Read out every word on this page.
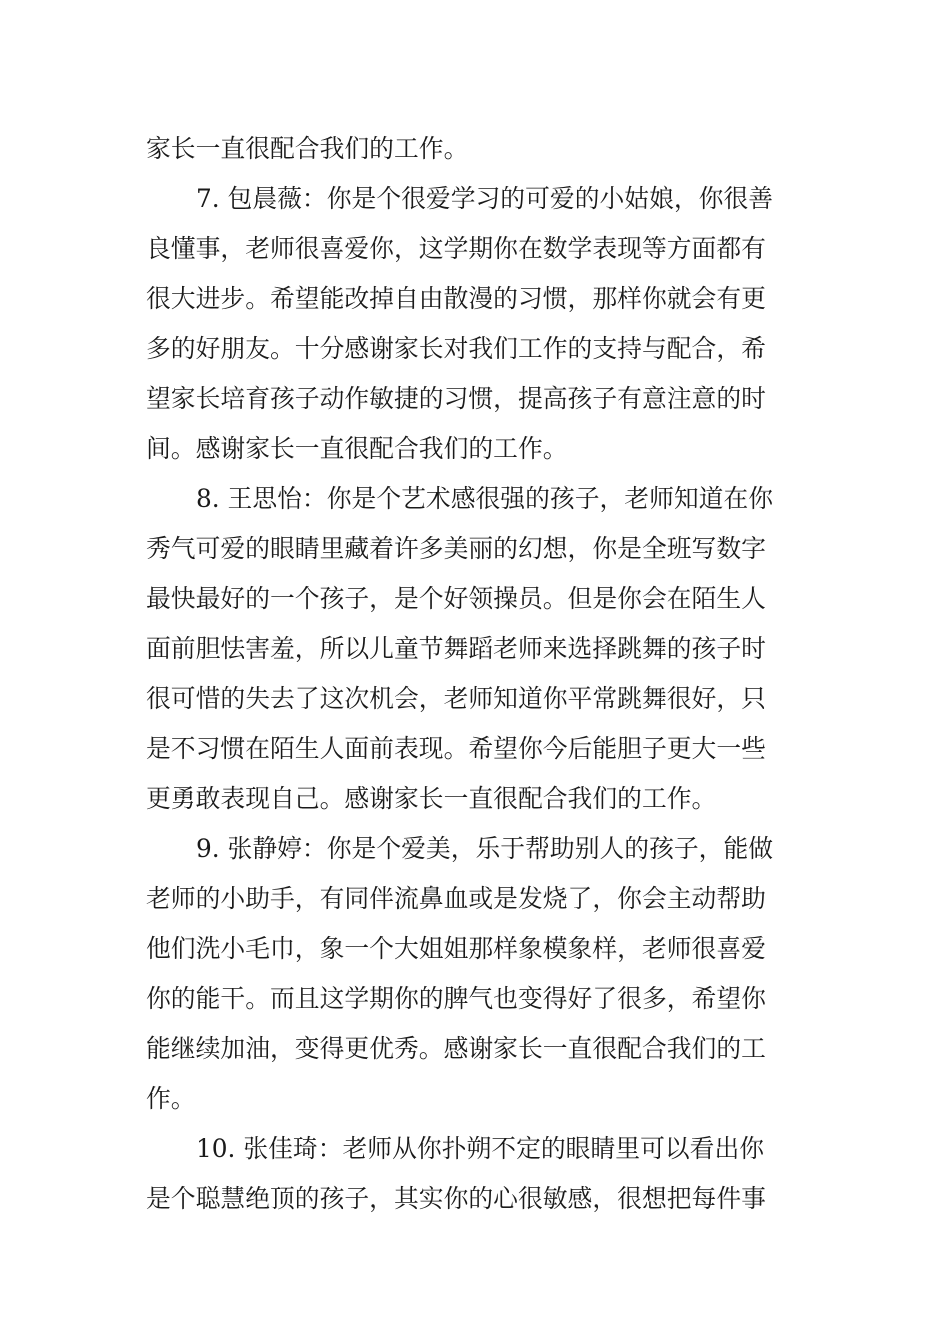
家长一直很配合我们的工作。
7. 包晨薇：你是个很爱学习的可爱的小姑娘，你很善
良懂事，老师很喜爱你，这学期你在数学表现等方面都有
很大进步。希望能改掉自由散漫的习惯，那样你就会有更
多的好朋友。十分感谢家长对我们工作的支持与配合，希
望家长培育孩子动作敏捷的习惯，提高孩子有意注意的时
间。感谢家长一直很配合我们的工作。
8. 王思怡：你是个艺术感很强的孩子，老师知道在你
秀气可爱的眼睛里藏着许多美丽的幻想，你是全班写数字
最快最好的一个孩子，是个好领操员。但是你会在陌生人
面前胆怯害羞，所以儿童节舞蹈老师来选择跳舞的孩子时
很可惜的失去了这次机会，老师知道你平常跳舞很好，只
是不习惯在陌生人面前表现。希望你今后能胆子更大一些
更勇敢表现自己。感谢家长一直很配合我们的工作。
9. 张静婷：你是个爱美，乐于帮助别人的孩子，能做
老师的小助手，有同伴流鼻血或是发烧了，你会主动帮助
他们洗小毛巾，象一个大姐姐那样象模象样，老师很喜爱
你的能干。而且这学期你的脾气也变得好了很多，希望你
能继续加油，变得更优秀。感谢家长一直很配合我们的工
作。
10. 张佳琦：老师从你扑朔不定的眼睛里可以看出你
是个聪慧绝顶的孩子，其实你的心很敏感，很想把每件事
